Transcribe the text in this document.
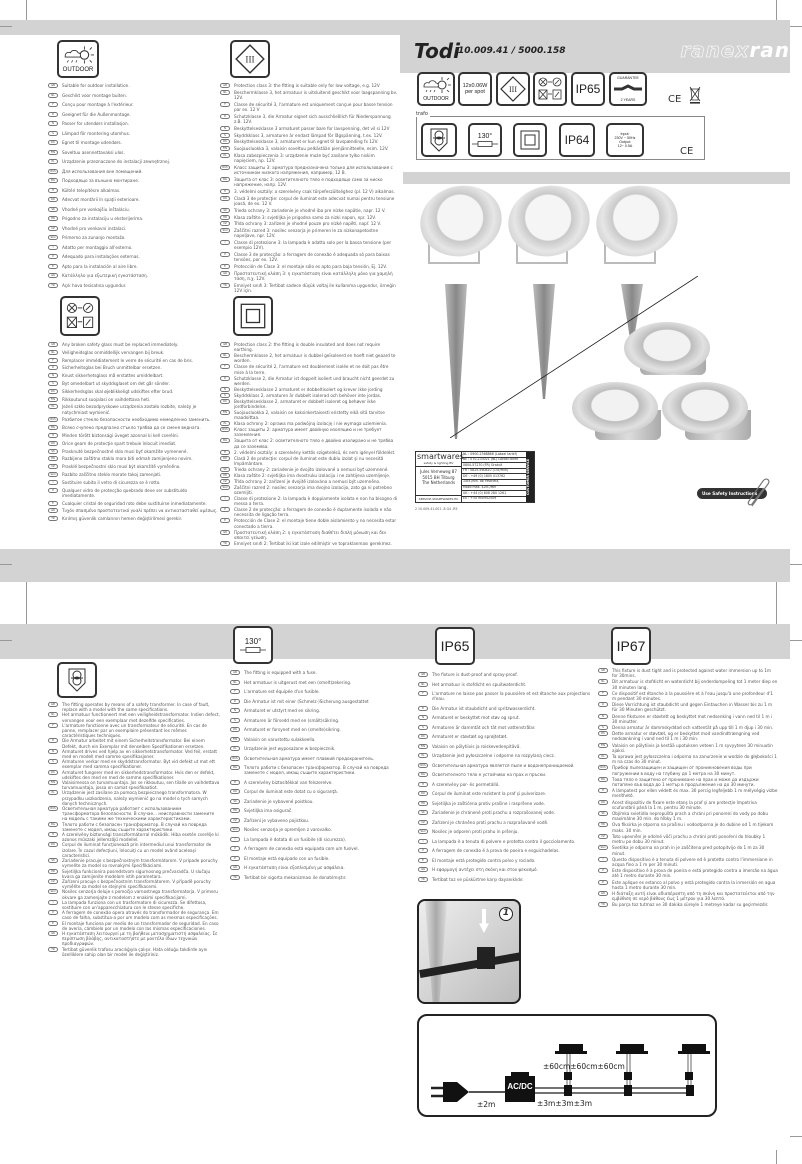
Todi
10.009.41 / 5000.158	ranexran
OUTDOOR
12x0.06W per spot	III	IP65
GUARANTEE
2 YEARS	CE
trafo
130°	IP64	Input:
230V ~ 50Hz
Output:
12~ 0.5A	CE
smartwares
safety & lighting BV
Jules Verneweg 87
5015 BH Tilburg
The Netherlands
SERVICE.SMARTWARES.EU
NL : 0900-2368866 (Lokaal tarief)
BE : 070-233021 (NL) Lokaal tarief
0800-57270 (FR) Gratuit
FR : 0825-560810 (15c/min)
DE : +49 (0) 1805 013762
14ct./Min. ab Festnetz,
Mobil max. 42ct./Min
UK : +44 (0) 808 280 1261
ES : +34 900942509
CUSTOMER SERVICE
2 10.009.41.001 -8 G4 -R5
Use Safety Instructions
OUTDOOR
GB	Suitable for outdoor installation.
NL	Geschikt voor montage buiten.
F	Conçu pour montage à l'extérieur.
D	Geeignet für die Außenmontage.
N	Passer for utendørs installasjon.
S	Lämpad för montering utomhus.
DK	Egnet til montage udendørs.
FIN	Soveltuu asennettavaksi ulos.
PL	Urządzenie przeznaczone do instalacji zewnętrznej.
RUS	Для использования вне помещений.
BG	Подходящо за външно монтиране.
H	Kültéri telepítésre alkalmas.
RO	Adecvat montării în spaţii exterioare.
SK	Vhodné pre vonkajšiu inštaláciu.
HR	Prigodno za instalaciju u eksterijerima.
CZ	Vhodné pro venkovní instalaci.
SLO	Primerno za zunanjo montažo.
I	Adatto per montaggio all'esterno.
P	Adequado para instalações externas.
E	Apto para la instalación al aire libre.
GR	Κατάλληλο για εξωτερική εγκατάσταση.
TR	Açık hava tesisatına uygundur.
III
GB	Protection class 3: the fitting is suitable only for low voltage, e.g. 12V
NL	Beschermklasse 3, het armatuur is uitsluitend geschikt voor laagspanning bv. 12V.
F	Classe de sécurité 3, l'armature est uniquement conçue pour basse tension par ex. 12 V
D	Schutzklasse 3, die Armatur eignet sich ausschließlich für Niederspannung z.B. 12V.
N	Beskyttelsesklasse 3 armaturet passer bare for lavspenning, det vil si 12V
S	Skyddsklass 3, armaturen är endast lämpad för lågspänning, t.ex. 12V.
DK	Beskyttelsesklasse 3, armaturet er kun egnet til lavspænding fx 12V.
FIN	Suojausluokka 3, valaisin soveltuu pelkästään pienjännitteelle, esim. 12V.
PL	Klasa zabezpieczenia 3: urządzenie może być zasilane tylko niskim napięciem, np. 12V.
RUS	Класс защиты 3: арматура предназначена только для использования с источником низкого напряжения, например, 12 В.
BG	Защита от клас 3: осветителното тяло е подходящо само за ниско напрежение, напр. 12V.
H	3. védelmi osztály: a szerelvény csak törpefeszültséghez (pl. 12 V) alkalmas.
RO	Clasă 3 de protecţie: corpul de iluminat este adecvat numai pentru tensiune joasă, de ex. 12 V.
SK	Trieda ochrany 3: zariadenie je vhodné iba pre nízke napätie, napr. 12 V.
HR	Klasa zaštite 3: svjetiljka je prigodna samo za nizki napon, npr. 12V.
CZ	Třída ochrany 3: zařízení je vhodné pouze pro nízké napětí, např. 12 V.
SLO	Zaščitni razred 3: nosilec senzorja je primeren le za nizkonapetostne napeljave, npr. 12V.
I	Classe di protezione 3: la lampada è adatta solo per la bassa tensione (per esempio 12V).
P	Classe 3 de protecção: a ferragem de conexão é adequada só para baixas tensões, por ex. 12V.
E	Protección de Clase 3: el montaje sólo es apto para baja tensión, Ej. 12V.
GR	Προστατευτική κλάση 3: η εγκατάσταση είναι κατάλληλη μόνο για χαμηλή τάση, π.χ. 12V.
TR	Emniyet sınıfı 3: Tertibat sadece düşük voltaj ile kullanıma uygundur, örneğin 12V için.
GB	Any broken safety glass must be replaced immediately.
NL	Veiligheidsglas onmiddellijk vervangen bij breuk.
F	Remplacer immédiatement le verre de sécurité en cas de bris.
D	Sicherheitsglas bei Bruch unmittelbar ersetzen.
N	Knust sikkerhetsglass må erstattes umiddelbart.
S	Byt omedelbart ut skyddsglaset om det går sönder.
DK	Sikkerhedsglas skal øjeblikkeligt udskiftes efter brud.
FIN	Rikkoutunut suojalasi on vaihdettava heti.
PL	Jeżeli szkło bezodpryskowe urządzenia zostało rozbite, należy je natychmiast wymienić.
RUS	Разбитое стекло безопасности необходимо немедленно заменить.
BG	Всяко счупено предпазно стъкло трябва да се сменя веднага.
H	Minden törött biztonsági üveget azonnal ki kell cserélni.
RO	Orice geam de protecţie spart trebuie înlocuit imediat.
SK	Prasknuté bezpečnostné sklo musí byť okamžite vymenené.
HR	Razbijeno zaštitno staklo mora biti odmah zamijenjeno novim.
CZ	Prasklé bezpečnostní sklo musí být okamžitě vyměněno.
SLO	Razbito zaščitno steklo morate takoj zamenjati.
I	Sostituire subito il vetro di sicurezza se è rotto.
P	Qualquer vidro de protecção quebrado deve ser substituído imediatamente.
E	Cualquier cristal de seguridad roto debe sustituirse inmediatamente.
GR	Τυχόν σπασμένο προστατευτικό γυαλί πρέπει να αντικατασταθεί αμέσως.
TR	Kırılmış güvenlik camlarının hemen değiştirilmesi gerekir.
GB	Protection class 2: the fitting is double insulated and does not require earthing.
NL	Beschermklasse 2, het armatuur is dubbel geïsoleerd en hoeft niet geaard te worden.
F	Classe de sécurité 2, l'armature est doublement isolée et ne doit pas être mise à la terre.
D	Schutzklasse 2, die Armatur ist doppelt isoliert und braucht nicht geerdet zu werden.
N	Beskyttelsesklasse 2 armaturet er dobbeltisolert og krever ikke jording
S	Skyddsklass 2, armaturen är dubbelt isolerad och behöver inte jordas.
DK	Beskyttelsesklasse 2, armaturet er dobbelt isoleret og behøver ikke jordforbindelse.
FIN	Suojausluokka 2, valaisin on kaksinkertaisesti eristetty eikä sitä tarvitse maadoittaa.
PL	Klasa ochrony 2: oprawa ma podwójną izolację i nie wymaga uziemienia.
RUS	Класс защиты 2: арматура имеет двойную изоляцию и не требует заземления.
BG	Защита от клас 2: осветителното тяло е двойно изолирано и не трябва да се заземява.
H	2. védelmi osztály: a szerelvény kettős szigetelésű, és nem igényel földelést.
RO	Clasă 2 de protecţie: corpul de iluminat este dublu izolat şi nu necesită împământare.
SK	Trieda ochrany 2: zariadenie je dvojito izolované a nemusí byť uzemnené.
HR	Klasa zaštite 2: svjetiljka ima dvostruku izolaciju i ne zahtijeva uzemljenje.
CZ	Třída ochrany 2: zařízení je dvojitě izolováno a nemusí být uzemněno.
SLO	Zaščitni razred 2: nosilec senzorja ima dvojno izolacijo, zato ga ni potrebno ozemljiti.
I	Classe di protezione 2: la lampada è doppiamente isolata e non ha bisogno di messa a terra.
P	Classe 2 de protecção: a ferragem de conexão é duplamente isolada e não necessita de ligação terra.
E	Protección de Clase 2: el montaje tiene doble aislamiento y no necesita estar conectado a tierra.
GR	Προστατευτική κλάση 2: η εγκατάσταση διαθέτει διπλή μόνωση και δεν απαιτεί γείωση.
TR	Emniyet sınıfı 2: Tertibat iki kat izole edilmiştir ve topraklanması gerekmez.
GB	The fitting operates by means of a safety transformer. In case of fault, replace with a model with the same specifications.
NL	Het armatuur functioneert met een veiligheidstransformator. Indien defect, vervangen voor een exemplaar met dezelfde specificaties.
F	L'armature fonctionne avec un transformateur de sécurité. En cas de panne, remplacer par un exemplaire présentant les mêmes caractéristiques techniques.
D	Die Armatur arbeitet mit einem Sicherheitstransformator. Bei einem Defekt, durch ein Exemplar mit denselben Spezifikationen ersetzen.
N	Armaturet drives ved hjelp av en sikkerhetstransformator. Ved feil, erstatt med en modell med samme spesifikasjoner.
S	Armaturen verkar med en skyddstransformator. Byt vid defekt ut mot ett exemplar med samma specifikationer.
DK	Armaturet fungerer med en sikkerhedstransformator. Hvis den er defekt, udskiftes den med en med de samme specifikationer.
FIN	Valaisimessa on turvamuuntaja. Jos se rikkoutuu, sen tilalle on vaihdettava turvamuuntaja, jossa on samat spesifikaatiot.
PL	Urządzenie jest zasilane za pomocą bezpiecznego transformatora. W przypadku uszkodzenia, należy wymienić go na model o tych samych danych technicznych.
RUS	Осветительная арматура работает с использованием трансформатора безопасности. В случае... неисправности замените на модель с такими же техническими характеристиками.
BG	Тялото работи с безопасен трансформатор. В случай на повреда заменете с модел, имащ същите характеристики.
H	A szerelvény biztonsági transzformátorral működik. Hiba esetén cserélje ki azonos műszaki jellemzőjű modellel.
RO	Corpul de iluminat funcţionează prin intermediul unui transformator de izolare. În cazul defecţiuni, înlocuiţi cu un model având aceleaşi caracteristici.
SK	Zariadenie pracuje s bezpečnostným transformátorom. V prípade poruchy vymeňte za model so rovnakými špecifikáciami.
HR	Svjetiljka funkcionira posredstvom sigurnosnog prečvaradča. U slučaju kvara ga zamijenite modelom istih parametara.
CZ	Zařízení pracuje s bezpečnostním transformátorem. V případě poruchy vyměňte za model se stejnými specifikacemi.
SLO	Nosilec senzorja deluje s pomočjo varnostnega transformatorja. V primeru okvare ga zamenjajte z modelom z enakimi specifikacijami.
I	La lampada funziona con un trasformatore di sicurezza. Se difettosa, sostituire con un'apparecchiatura con le stesse specifiche.
P	A ferragem de conexão opera através do transformador de segurança. Em caso de falha, substitua-a por um modelo com as mesmas especificações.
E	El montaje funciona por medio de un transformador de seguridad. En caso de avería, cámbielo por un modelo con las mismas especificaciones.
GR	Η εγκατάσταση λειτουργεί με τη βοήθεια μετασχηματιστή ασφαλείας. Σε περίπτωση βλάβης, αντικαταστήστε με μοντέλο ίδιων τεχνικών προδιαγραφών.
TR	Tertibat güvenlik trafosu aracılığıyla çalışır. Hata olduğu takdirde aynı özelliklere sahip olan bir model ile değiştiriniz.
130°
GB	The fitting is equipped with a fuse.
NL	Het armatuur is uitgerust met een (smelt)zekering.
F	L'armature est équipée d'un fusible.
D	Die Armatur ist mit einer (Schmelz-)Sicherung ausgestattet
N	Armaturet er utstyrt med en sikring.
S	Armaturen är försedd med en (smält)säkring.
DK	Armaturet er forsynet med en (smelte)sikring.
FIN	Valaisin on varustettu sulakkeella.
PL	Urządzenie jest wyposażone w bezpiecznik.
RUS	Осветительная арматура имеет плавкий предохранитель.
BG	Тялото работи с безопасен трансформатор. В случай на повреда заменете с модел, имащ същите характеристики.
H	A szerelvény biztosítékkal van felszerelve.
RO	Corpul de iluminat este dotat cu o siguranţă.
SK	Zariadenie je vybavené poistkou.
HR	Svjetiljka ima osigurač.
CZ	Zařízení je vybaveno pojistkou.
SLO	Nosilec senzorja je opremljen z varovalko.
I	La lampada è dotata di un fusibile (di sicurezza).
P	A ferragem de conexão está equipada com um fusível.
E	El montaje está equipado con un fusible.
GR	Η εγκατάσταση είναι εξοπλισμένη με ασφάλεια.
TR	Tertibat bir sigorta mekanizması ile donatılmıştır.
IP65
GB	The fixture is dust-proof and spray-proof.
NL	Het armatuur is stofdicht en spuitwaterdicht.
F	L'armature ne laisse pas passer la poussière et est étanche aux projections d'eau.
D	Die Armatur ist staubdicht und spritzwasserdicht.
N	Armaturet er beskyttet mot støv og sprut.
S	Armaturen är dammtät och tät mot vattenstrålar.
DK	Armaturet er støvtæt og sprøjtetæt.
FIN	Valaisin on pölytiivis ja roiskevedenpitävä.
PL	Urządzenie jest pyłoszczelne i odporne na rozpylaną ciecz.
RUS	Осветительная арматура является пыле и водонепроницаемой.
BG	Осветителното тяло е устойчиво на прах и пръски.
H	A szerelvény por- és permetálló.
RO	Corpul de iluminat este rezistent la praf şi pulverizare.
HR	Svjetiljka je zaštićena protiv prašine i raspršene vode.
SK	Zariadenie je chránené proti prachu a rozprašovanej vode.
CZ	Zařízení je chráněno proti prachu a rozprašované vodě.
SLO	Nosilec je odporen proti prahu in pršenju.
I	La lampada è a tenuta di polvere e protetta contro il gocciolamento.
P	A ferragem de conexão é à prova de poeira e esguichadelas.
E	El montaje está protegido contra polvo y rociado.
GR	Η εφαρμογή αντέχει στη σκόνη και στον ψεκασμό.
TR	Tertibat toz ve püskürtme karşı dayanıklıdır.
IP67
GB	This fixture is dust tight and is protected against water immersion up to 1m for 30mins.
NL	Dit armatuur is stofdicht en waterdicht bij onderdompeling tot 1 meter diep en 30 minuten lang.
F	Ce dispositif est étanche à la poussière et à l'eau jusqu'à une profondeur d'1 m pendant 30 minutes.
D	Diese Vorrichtung ist staubdicht und gegen Eintauchen in Wasser bis zu 1 m für 30 Minuten geschützt.
N	Denne fiksturen er støvtett og beskyttet mot nedsenking i vann ned til 1 m i 30 minutter.
S	Denna armatur är dammskyddad och vattentät på upp till 1 m djup i 30 min.
DK	Dette armatur er støvtæt, og er beskyttet mod vandindtrængning ved nedsænkning i vand ned til 1 m i 30 min.
FIN	Valaisin on pölytiivis ja kestää upotuksen veteen 1 m syvyyteen 30 minuutin ajaksi.
PL	Ta oprawa jest pyłoszczelna i odporna na zanurzenie w wodzie do głębokości 1 m na czas do 30 minut.
RUS	Прибор пылезащищен и защищен от проникновения воды при погружении в воду на глубину до 1 метра на 30 минут.
BG	Това тяло е защитено от проникване на прах и може да издържи потапяне във вода до 1 метър в продължение на до 30 минути.
H	A lámpatest por ellen védett és max. 30 percig legfeljebb 1 m mélységig vízbe meríthető.
RO	Acest dispozitiv de fixare este etanş la praf şi are protecţie împotriva scufundării până la 1 m, pentru 30 minute.
SK	Objímka svietidla nepropúšťa prach a chráni pri ponorení do vody po dobu maximálne 30 min. do hĺbky 1 m.
HR	Ova fiksirka je otporna na prašinu i vodootporna je do dubine od 1 m tijekom maks. 30 min.
CZ	Toto upevnění je odolné vůči prachu a chrání proti ponoření do hloubky 1 metru po dobu 30 minut.
SLO	Svetilka je odporna na prah in je zaščitena pred potopitvijo do 1 m za 30 minut.
I	Questo dispositivo è a tenuta di polvere ed è protetto contro l'immersione in acqua fino a 1 m per 30 minuti.
P	Este dispositivo é à prova de poeira e está protegido contra a imersão na água até 1 metro durante 30 min.
E	Este aplique es estanco al polvo y está protegido contra la inmersión en agua hasta 1 metro durante 30 min.
GR	Η διάταξη αυτή είναι αδιαπέραστη από τη σκόνη και προστατεύεται από την εμβύθιση σε νερό βάθους έως 1 μέτρου για 30 λεπτά.
TR	Bu parça toz tutmaz ve 30 dakika süreyle 1 metreye kadar su geçirmezdir.
1
AC/DC
±2m	±3m±3m±3m
±60cm±60cm±60cm
